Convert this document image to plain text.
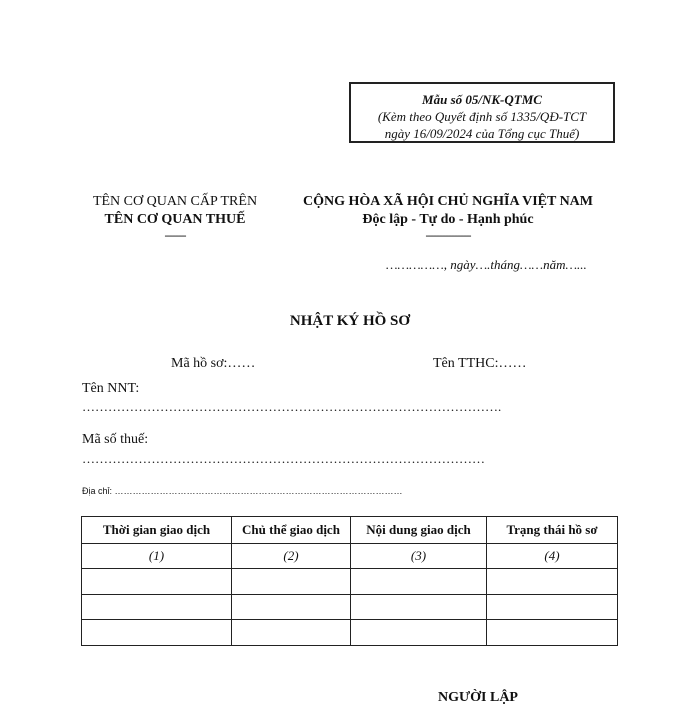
Mẫu số 05/NK-QTMC
(Kèm theo Quyết định số 1335/QĐ-TCT
ngày 16/09/2024 của Tổng cục Thuế)
TÊN CƠ QUAN CẤP TRÊN
TÊN CƠ QUAN THUẾ
-------
CỘNG HÒA XÃ HỘI CHỦ NGHĨA VIỆT NAM
Độc lập - Tự do - Hạnh phúc
---------------
……………, ngày….tháng……năm…...
NHẬT KÝ HỒ SƠ
Mã hồ sơ:……	Tên TTHC:……
Tên NNT:
…………………………………………………………………………………….
Mã số thuế:
…………………………………………………………………………………
Địa chỉ: ……………………………………………………………………………………
Thời gian giao dịch	Chủ thể giao dịch	Nội dung giao dịch	Trạng thái hồ sơ
(1)	(2)	(3)	(4)

NGƯỜI LẬP
